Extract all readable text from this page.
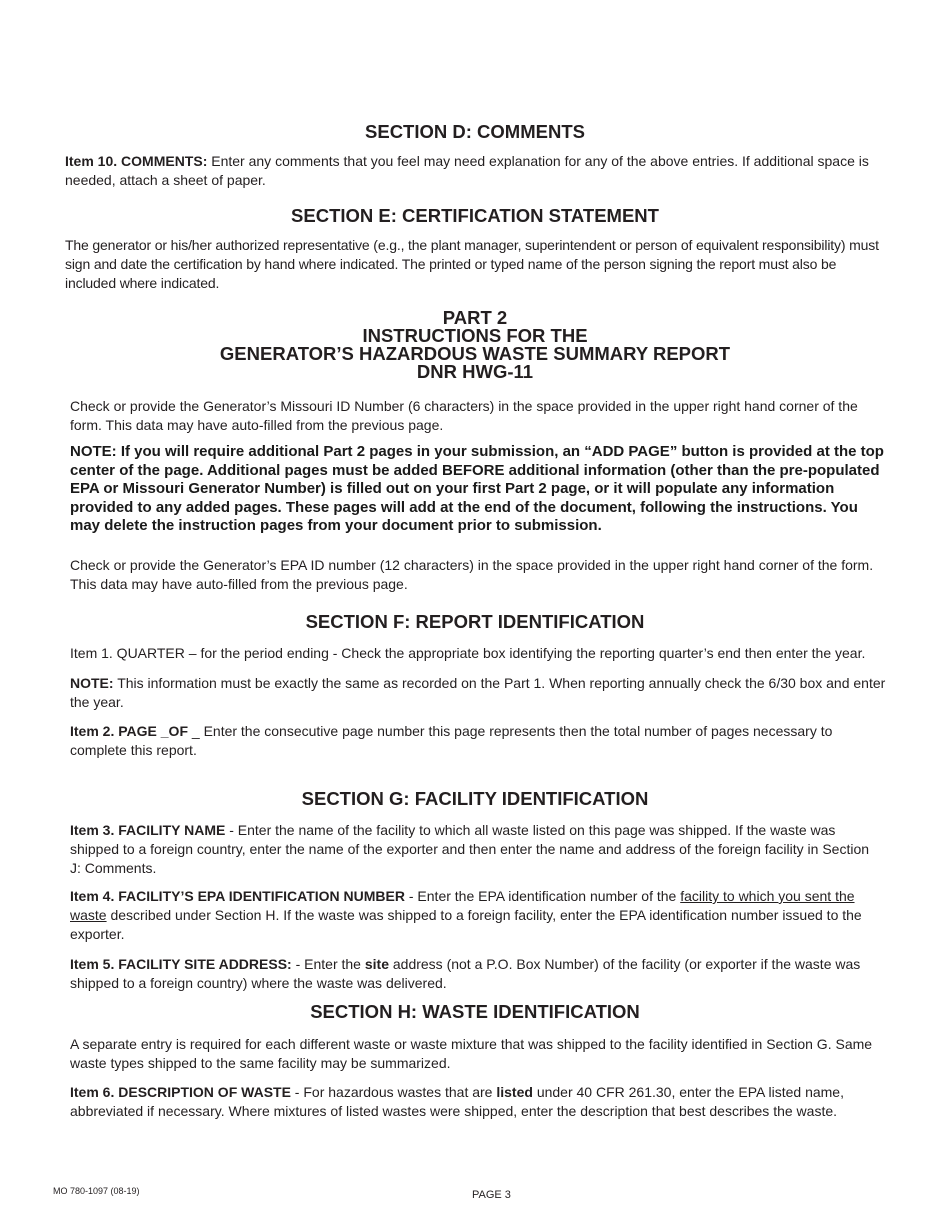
SECTION D: COMMENTS

Item 10. COMMENTS: Enter any comments that you feel may need explanation for any of the above entries. If additional space is needed, attach a sheet of paper.

SECTION E: CERTIFICATION STATEMENT

The generator or his/her authorized representative (e.g., the plant manager, superintendent or person of equivalent responsibility) must sign and date the certification by hand where indicated. The printed or typed name of the person signing the report must also be included where indicated.

PART 2
INSTRUCTIONS FOR THE
GENERATOR’S HAZARDOUS WASTE SUMMARY REPORT
DNR HWG-11

Check or provide the Generator’s Missouri ID Number (6 characters) in the space provided in the upper right hand corner of the form. This data may have auto-filled from the previous page.

NOTE: If you will require additional Part 2 pages in your submission, an “ADD PAGE” button is provided at the top center of the page. Additional pages must be added BEFORE additional information (other than the pre-populated EPA or Missouri Generator Number) is filled out on your first Part 2 page, or it will populate any information provided to any added pages. These pages will add at the end of the document, following the instructions. You may delete the instruction pages from your document prior to submission.

Check or provide the Generator’s EPA ID number (12 characters) in the space provided in the upper right hand corner of the form. This data may have auto-filled from the previous page.

SECTION F: REPORT IDENTIFICATION

Item 1. QUARTER – for the period ending - Check the appropriate box identifying the reporting quarter’s end then enter the year.

NOTE: This information must be exactly the same as recorded on the Part 1. When reporting annually check the 6/30 box and enter the year.

Item 2. PAGE _OF _ Enter the consecutive page number this page represents then the total number of pages necessary to complete this report.

SECTION G: FACILITY IDENTIFICATION

Item 3. FACILITY NAME - Enter the name of the facility to which all waste listed on this page was shipped. If the waste was shipped to a foreign country, enter the name of the exporter and then enter the name and address of the foreign facility in Section J: Comments.

Item 4. FACILITY’S EPA IDENTIFICATION NUMBER - Enter the EPA identification number of the facility to which you sent the waste described under Section H. If the waste was shipped to a foreign facility, enter the EPA identification number issued to the exporter.

Item 5. FACILITY SITE ADDRESS: - Enter the site address (not a P.O. Box Number) of the facility (or exporter if the waste was shipped to a foreign country) where the waste was delivered.

SECTION H: WASTE IDENTIFICATION

A separate entry is required for each different waste or waste mixture that was shipped to the facility identified in Section G. Same waste types shipped to the same facility may be summarized.

Item 6. DESCRIPTION OF WASTE - For hazardous wastes that are listed under 40 CFR 261.30, enter the EPA listed name, abbreviated if necessary. Where mixtures of listed wastes were shipped, enter the description that best describes the waste.

MO 780-1097 (08-19)	PAGE 3
